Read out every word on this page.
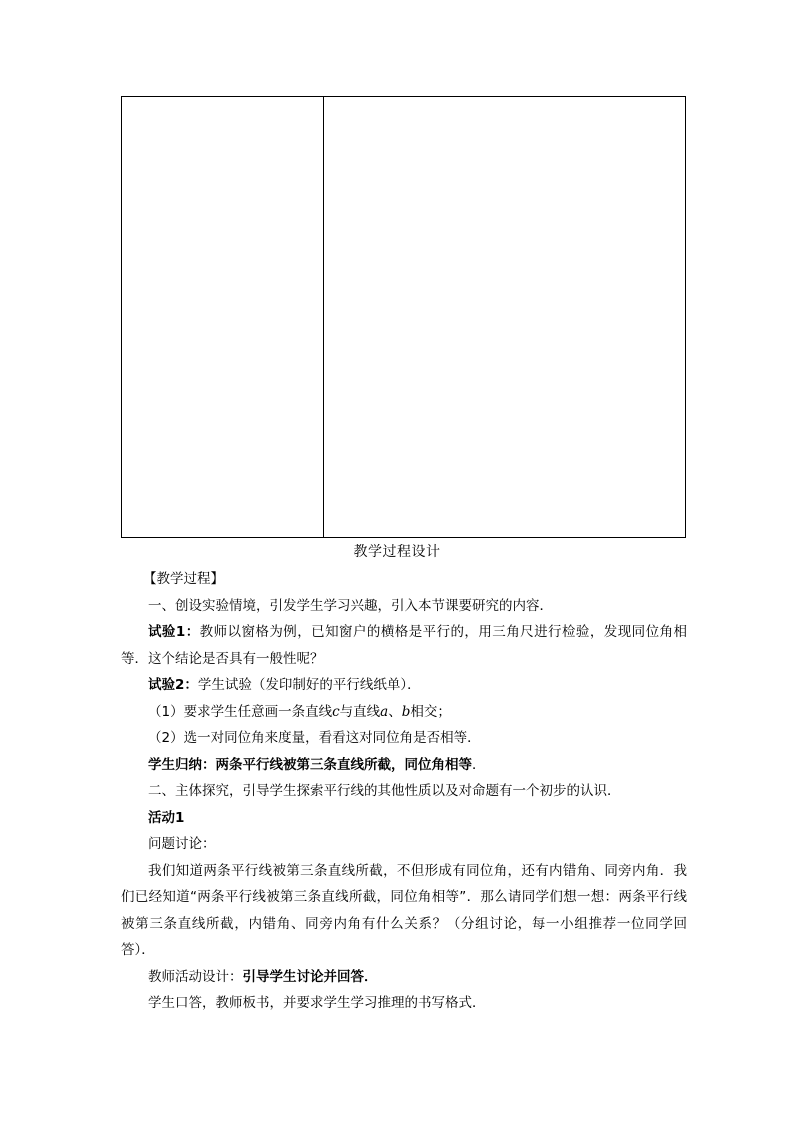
教学过程设计

【教学过程】

一、创设实验情境，引发学生学习兴趣，引入本节课要研究的内容．

试验1：教师以窗格为例，已知窗户的横格是平行的，用三角尺进行检验，发现同位角相等．这个结论是否具有一般性呢？

试验2：学生试验（发印制好的平行线纸单）．

（1）要求学生任意画一条直线c与直线a、b相交；

（2）选一对同位角来度量，看看这对同位角是否相等．

学生归纳：两条平行线被第三条直线所截，同位角相等．

二、主体探究，引导学生探索平行线的其他性质以及对命题有一个初步的认识．

活动1

问题讨论：

我们知道两条平行线被第三条直线所截，不但形成有同位角，还有内错角、同旁内角．我们已经知道“两条平行线被第三条直线所截，同位角相等”．那么请同学们想一想：两条平行线被第三条直线所截，内错角、同旁内角有什么关系？（分组讨论，每一小组推荐一位同学回答）．

教师活动设计：引导学生讨论并回答．

学生口答，教师板书，并要求学生学习推理的书写格式．
